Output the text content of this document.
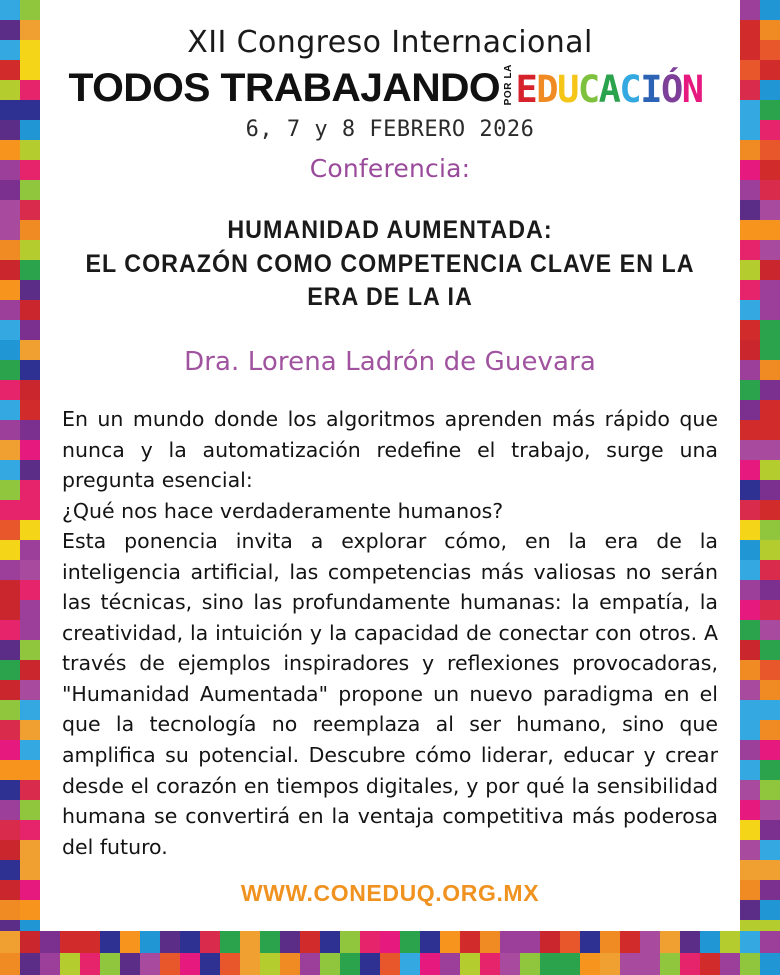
XII Congreso Internacional
TODOS TRABAJANDO POR LA EDUCACIÓN
6, 7 y 8 FEBRERO 2026
Conferencia:
HUMANIDAD AUMENTADA:
EL CORAZÓN COMO COMPETENCIA CLAVE EN LA
ERA DE LA IA
Dra. Lorena Ladrón de Guevara

En un mundo donde los algoritmos aprenden más rápido que nunca y la automatización redefine el trabajo, surge una pregunta esencial:

¿Qué nos hace verdaderamente humanos?

Esta ponencia invita a explorar cómo, en la era de la inteligencia artificial, las competencias más valiosas no serán las técnicas, sino las profundamente humanas: la empatía, la creatividad, la intuición y la capacidad de conectar con otros. A través de ejemplos inspiradores y reflexiones provocadoras, "Humanidad Aumentada" propone un nuevo paradigma en el que la tecnología no reemplaza al ser humano, sino que amplifica su potencial. Descubre cómo liderar, educar y crear desde el corazón en tiempos digitales, y por qué la sensibilidad humana se convertirá en la ventaja competitiva más poderosa del futuro.

WWW.CONEDUQ.ORG.MX
